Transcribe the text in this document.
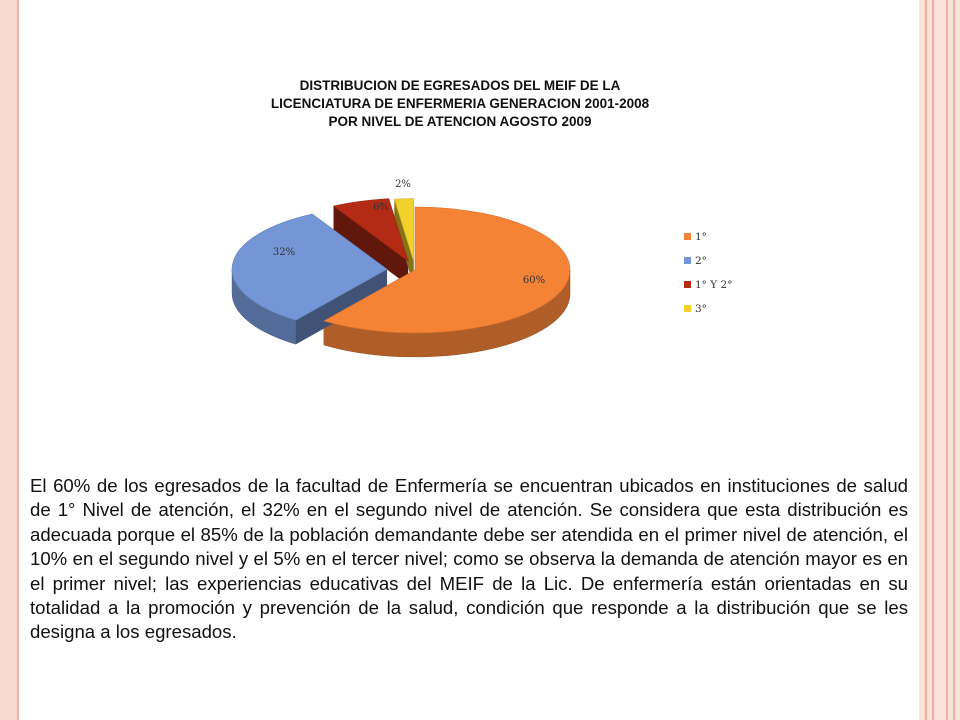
DISTRIBUCION DE EGRESADOS DEL MEIF DE LA
LICENCIATURA DE ENFERMERIA GENERACION 2001-2008
POR NIVEL DE ATENCION AGOSTO 2009
60%
32%
6%
2%
1°
2°
1° Y 2°
3°
El 60% de los egresados de la facultad de Enfermería se encuentran ubicados en instituciones de salud de 1° Nivel de atención, el 32% en el segundo nivel de atención. Se considera que esta distribución es adecuada porque el 85% de la población demandante debe ser atendida en el primer nivel de atención, el 10% en el segundo nivel y el 5% en el tercer nivel; como se observa la demanda de atención mayor es en el primer nivel; las experiencias educativas del MEIF de la Lic. De enfermería están orientadas en su totalidad a la promoción y prevención de la salud, condición que responde a la distribución que se les designa a los egresados.
